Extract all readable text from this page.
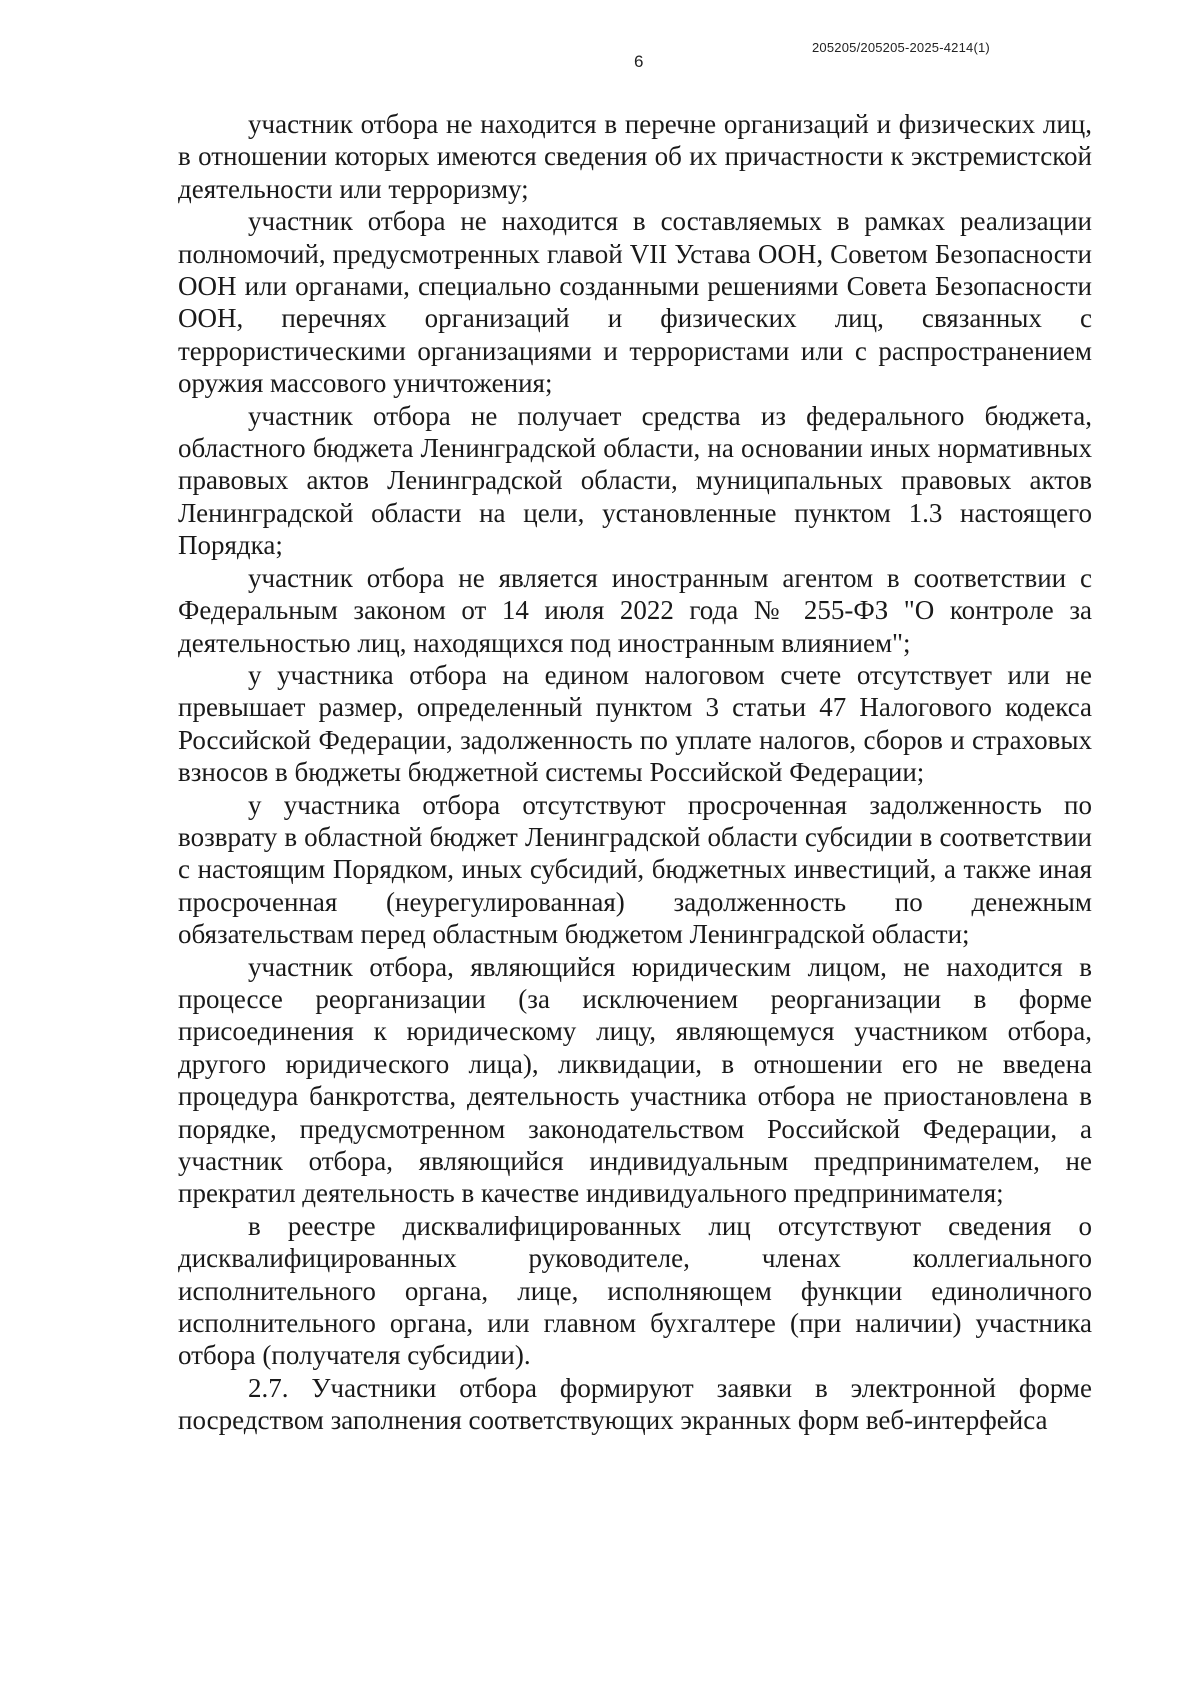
205205/205205-2025-4214(1)
6

участник отбора не находится в перечне организаций и физических лиц, в отношении которых имеются сведения об их причастности к экстремистской деятельности или терроризму;

участник отбора не находится в составляемых в рамках реализации полномочий, предусмотренных главой VII Устава ООН, Советом Безопасности ООН или органами, специально созданными решениями Совета Безопасности ООН, перечнях организаций и физических лиц, связанных с террористическими организациями и террористами или с распространением оружия массового уничтожения;

участник отбора не получает средства из федерального бюджета, областного бюджета Ленинградской области, на основании иных нормативных правовых актов Ленинградской области, муниципальных правовых актов Ленинградской области на цели, установленные пунктом 1.3 настоящего Порядка;

участник отбора не является иностранным агентом в соответствии с Федеральным законом от 14 июля 2022 года № 255-ФЗ "О контроле за деятельностью лиц, находящихся под иностранным влиянием";

у участника отбора на едином налоговом счете отсутствует или не превышает размер, определенный пунктом 3 статьи 47 Налогового кодекса Российской Федерации, задолженность по уплате налогов, сборов и страховых взносов в бюджеты бюджетной системы Российской Федерации;

у участника отбора отсутствуют просроченная задолженность по возврату в областной бюджет Ленинградской области субсидии в соответствии с настоящим Порядком, иных субсидий, бюджетных инвестиций, а также иная просроченная (неурегулированная) задолженность по денежным обязательствам перед областным бюджетом Ленинградской области;

участник отбора, являющийся юридическим лицом, не находится в процессе реорганизации (за исключением реорганизации в форме присоединения к юридическому лицу, являющемуся участником отбора, другого юридического лица), ликвидации, в отношении его не введена процедура банкротства, деятельность участника отбора не приостановлена в порядке, предусмотренном законодательством Российской Федерации, а участник отбора, являющийся индивидуальным предпринимателем, не прекратил деятельность в качестве индивидуального предпринимателя;

в реестре дисквалифицированных лиц отсутствуют сведения о дисквалифицированных руководителе, членах коллегиального исполнительного органа, лице, исполняющем функции единоличного исполнительного органа, или главном бухгалтере (при наличии) участника отбора (получателя субсидии).

2.7. Участники отбора формируют заявки в электронной форме посредством заполнения соответствующих экранных форм веб-интерфейса
